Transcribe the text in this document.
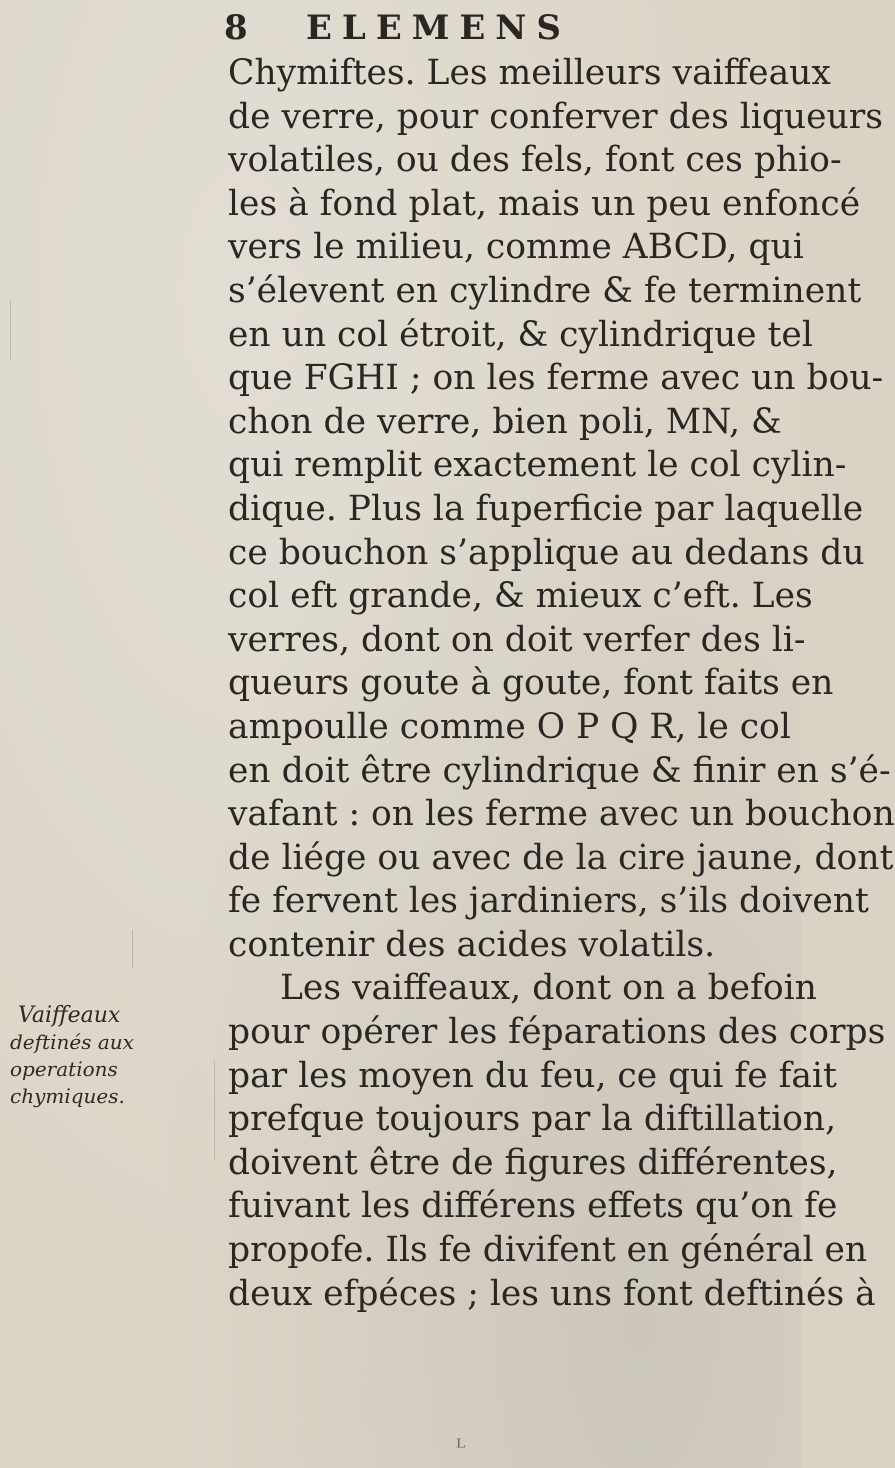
8 ELEMENS
Chymiftes. Les meilleurs vaiffeaux
de verre, pour conferver des liqueurs
volatiles, ou des fels, font ces phio-
les à fond plat, mais un peu enfoncé
vers le milieu, comme ABCD, qui
s’élevent en cylindre & fe terminent
en un col étroit, & cylindrique tel
que FGHI ; on les ferme avec un bou-
chon de verre, bien poli, MN, &
qui remplit exactement le col cylin-
dique. Plus la fuperficie par laquelle
ce bouchon s’applique au dedans du
col eft grande, & mieux c’eft. Les
verres, dont on doit verfer des li-
queurs goute à goute, font faits en
ampoulle comme O P Q R, le col
en doit être cylindrique & finir en s’é-
vafant : on les ferme avec un bouchon
de liége ou avec de la cire jaune, dont
fe fervent les jardiniers, s’ils doivent
contenir des acides volatils.
Les vaiffeaux, dont on a befoin
pour opérer les féparations des corps
par les moyen du feu, ce qui fe fait
prefque toujours par la diftillation,
doivent être de figures différentes,
fuivant les différens effets qu’on fe
propofe. Ils fe divifent en général en
deux efpéces ; les uns font deftinés à
Vaiffeaux
deftinés aux
operations
chymiques.
ᴸ
